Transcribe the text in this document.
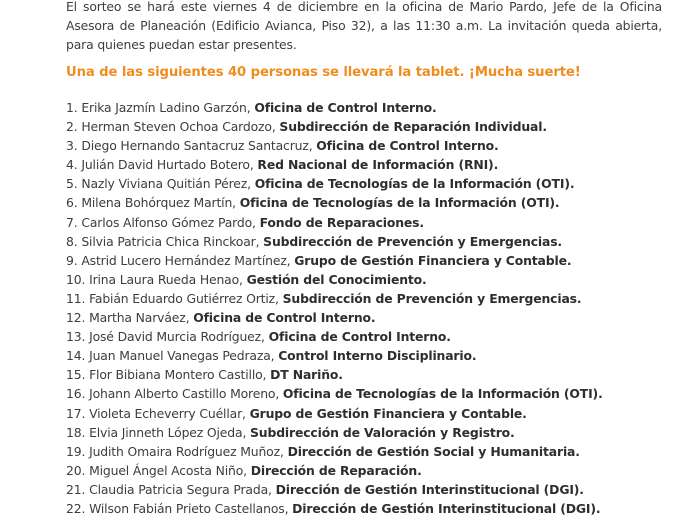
El sorteo se hará este viernes 4 de diciembre en la oficina de Mario Pardo, Jefe de la Oficina Asesora de Planeación (Edificio Avianca, Piso 32), a las 11:30 a.m. La invitación queda abierta, para quienes puedan estar presentes.

Una de las siguientes 40 personas se llevará la tablet. ¡Mucha suerte!

1. Erika Jazmín Ladino Garzón, Oficina de Control Interno.
2. Herman Steven Ochoa Cardozo, Subdirección de Reparación Individual.
3. Diego Hernando Santacruz Santacruz, Oficina de Control Interno.
4. Julián David Hurtado Botero, Red Nacional de Información (RNI).
5. Nazly Viviana Quitián Pérez, Oficina de Tecnologías de la Información (OTI).
6. Milena Bohórquez Martín, Oficina de Tecnologías de la Información (OTI).
7. Carlos Alfonso Gómez Pardo, Fondo de Reparaciones.
8. Silvia Patricia Chica Rinckoar, Subdirección de Prevención y Emergencias.
9. Astrid Lucero Hernández Martínez, Grupo de Gestión Financiera y Contable.
10. Irina Laura Rueda Henao, Gestión del Conocimiento.
11. Fabián Eduardo Gutiérrez Ortiz, Subdirección de Prevención y Emergencias.
12. Martha Narváez, Oficina de Control Interno.
13. José David Murcia Rodríguez, Oficina de Control Interno.
14. Juan Manuel Vanegas Pedraza, Control Interno Disciplinario.
15. Flor Bibiana Montero Castillo, DT Nariño.
16. Johann Alberto Castillo Moreno, Oficina de Tecnologías de la Información (OTI).
17. Violeta Echeverry Cuéllar, Grupo de Gestión Financiera y Contable.
18. Elvia Jinneth López Ojeda, Subdirección de Valoración y Registro.
19. Judith Omaira Rodríguez Muñoz, Dirección de Gestión Social y Humanitaria.
20. Miguel Ángel Acosta Niño, Dirección de Reparación.
21. Claudia Patricia Segura Prada, Dirección de Gestión Interinstitucional (DGI).
22. Wilson Fabián Prieto Castellanos, Dirección de Gestión Interinstitucional (DGI).
